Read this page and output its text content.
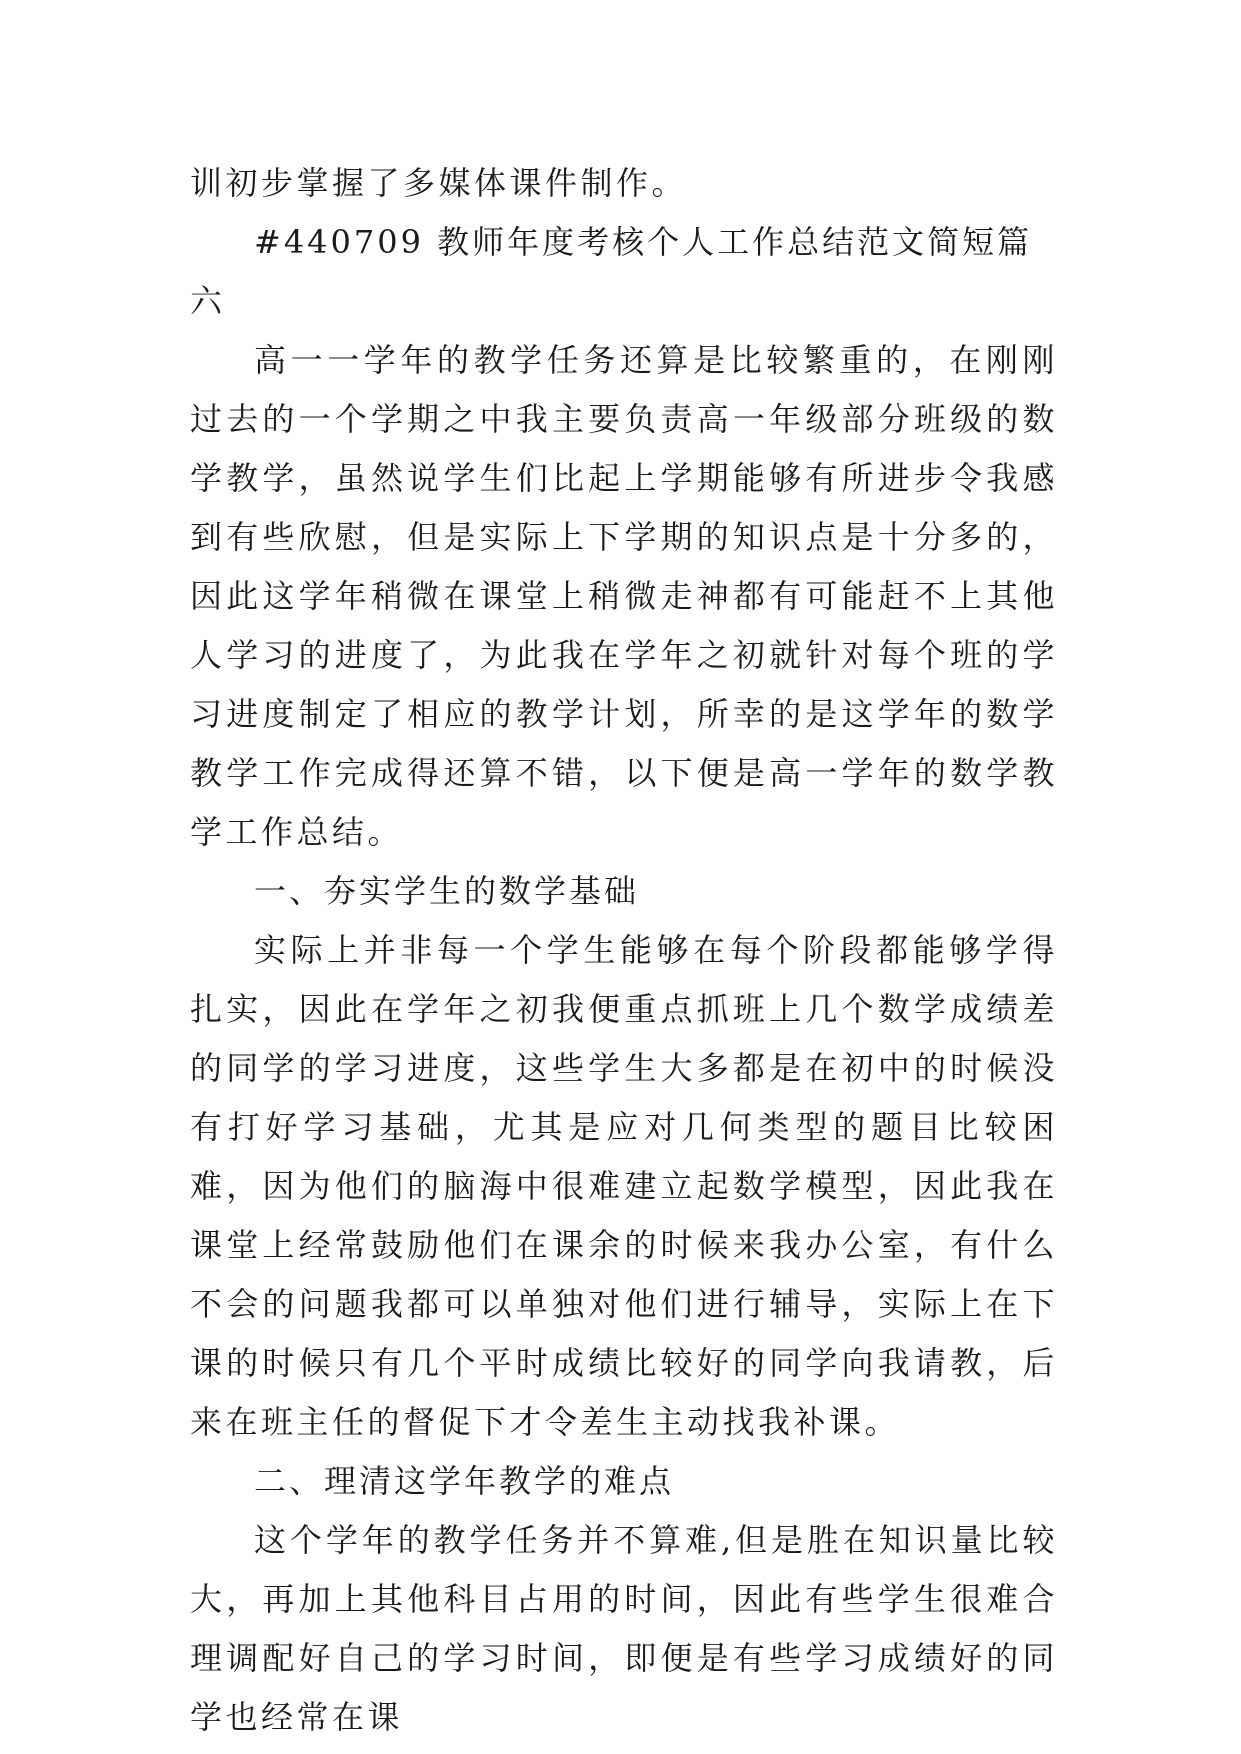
训初步掌握了多媒体课件制作。

#440709 教师年度考核个人工作总结范文简短篇六

高一一学年的教学任务还算是比较繁重的，在刚刚过去的一个学期之中我主要负责高一年级部分班级的数学教学，虽然说学生们比起上学期能够有所进步令我感到有些欣慰，但是实际上下学期的知识点是十分多的，因此这学年稍微在课堂上稍微走神都有可能赶不上其他人学习的进度了，为此我在学年之初就针对每个班的学习进度制定了相应的教学计划，所幸的是这学年的数学教学工作完成得还算不错，以下便是高一学年的数学教学工作总结。

一、夯实学生的数学基础

实际上并非每一个学生能够在每个阶段都能够学得扎实，因此在学年之初我便重点抓班上几个数学成绩差的同学的学习进度，这些学生大多都是在初中的时候没有打好学习基础，尤其是应对几何类型的题目比较困难，因为他们的脑海中很难建立起数学模型，因此我在课堂上经常鼓励他们在课余的时候来我办公室，有什么不会的问题我都可以单独对他们进行辅导，实际上在下课的时候只有几个平时成绩比较好的同学向我请教，后来在班主任的督促下才令差生主动找我补课。

二、理清这学年教学的难点

这个学年的教学任务并不算难,但是胜在知识量比较大，再加上其他科目占用的时间，因此有些学生很难合理调配好自己的学习时间，即便是有些学习成绩好的同学也经常在课
